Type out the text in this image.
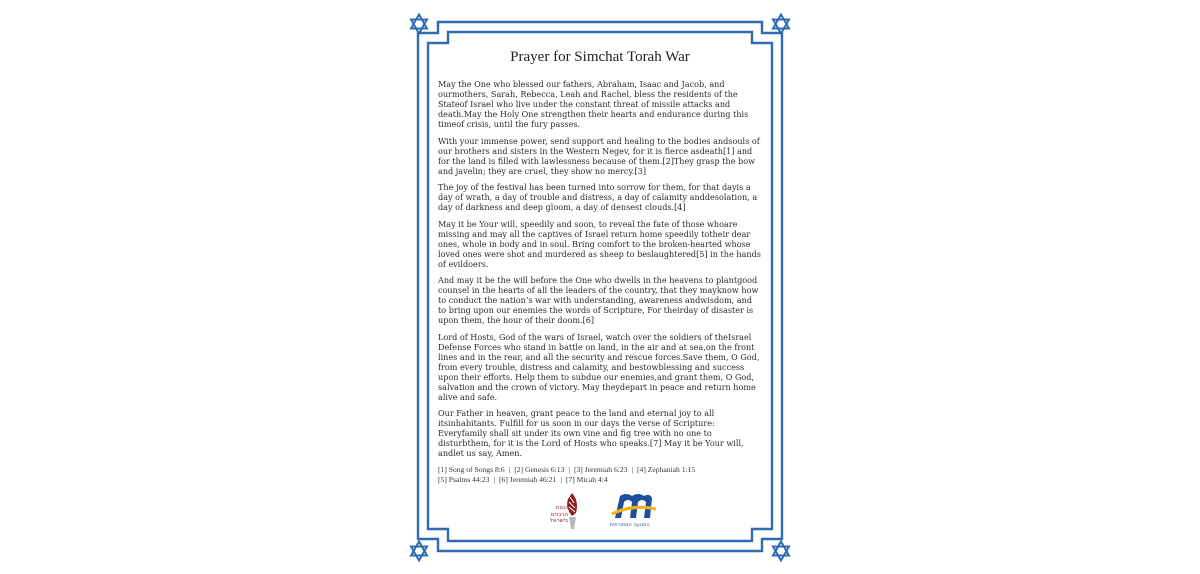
Prayer for Simchat Torah War

May the One who blessed our fathers, Abraham, Isaac and Jacob, and
ourmothers, Sarah, Rebecca, Leah and Rachel, bless the residents of the
Stateof Israel who live under the constant threat of missile attacks and
death.May the Holy One strengthen their hearts and endurance during this
timeof crisis, until the fury passes.

With your immense power, send support and healing to the bodies andsouls of
our brothers and sisters in the Western Negev, for it is fierce asdeath[1] and
for the land is filled with lawlessness because of them.[2]They grasp the bow
and javelin; they are cruel, they show no mercy.[3]

The joy of the festival has been turned into sorrow for them, for that dayis a
day of wrath, a day of trouble and distress, a day of calamity anddesolation, a
day of darkness and deep gloom, a day of densest clouds.[4]

May it be Your will, speedily and soon, to reveal the fate of those whoare
missing and may all the captives of Israel return home speedily totheir dear
ones, whole in body and in soul. Bring comfort to the broken-hearted whose
loved ones were shot and murdered as sheep to beslaughtered[5] in the hands
of evildoers.

And may it be the will before the One who dwells in the heavens to plantgood
counsel in the hearts of all the leaders of the country, that they mayknow how
to conduct the nation’s war with understanding, awareness andwisdom, and
to bring upon our enemies the words of Scripture, For theirday of disaster is
upon them, the hour of their doom.[6]

Lord of Hosts, God of the wars of Israel, watch over the soldiers of theIsrael
Defense Forces who stand in battle on land, in the air and at sea,on the front
lines and in the rear, and all the security and rescue forces.Save them, O God,
from every trouble, distress and calamity, and bestowblessing and success
upon their efforts. Help them to subdue our enemies,and grant them, O God,
salvation and the crown of victory. May theydepart in peace and return home
alive and safe.

Our Father in heaven, grant peace to the land and eternal joy to all
itsinhabitants. Fulfill for us soon in our days the verse of Scripture:
Everyfamily shall sit under its own vine and fig tree with no one to
disturbthem, for it is the Lord of Hosts who speaks.[7] May it be Your will,
andlet us say, Amen.

[1] Song of Songs 8:6 | [2] Genesis 6:13 | [3] Jeremiah 6:23 | [4] Zephaniah 1:15
[5] Psalms 44:23 | [6] Jeremiah 46:21 | [7] Micah 4:4
כנסת
הרבנים
בישראל
התנועה המסורתית
